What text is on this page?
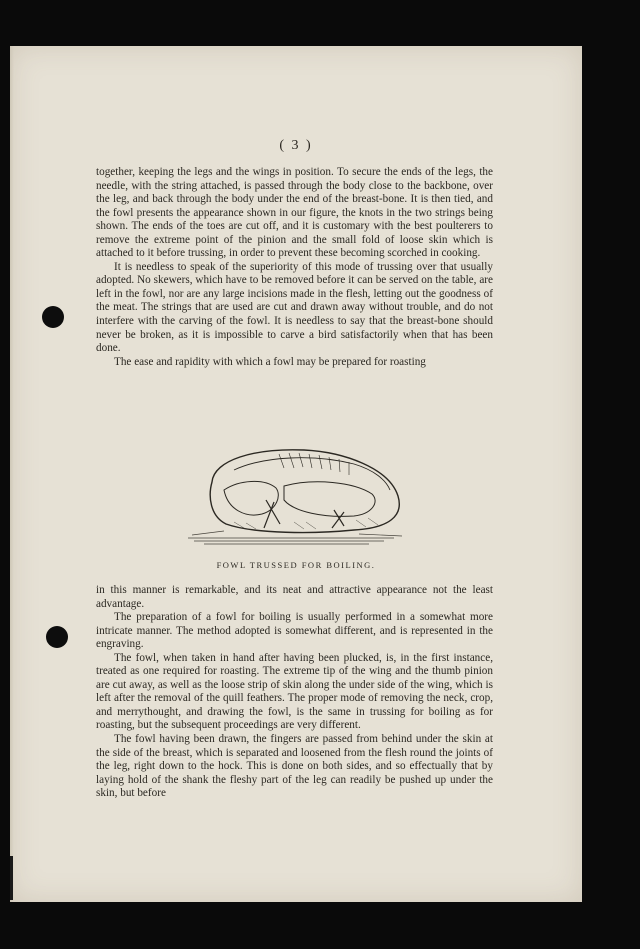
( 3 )

together, keeping the legs and the wings in position. To secure the ends of the legs, the needle, with the string attached, is passed through the body close to the backbone, over the leg, and back through the body under the end of the breast-bone. It is then tied, and the fowl presents the appearance shown in our figure, the knots in the two strings being shown. The ends of the toes are cut off, and it is customary with the best poulterers to remove the extreme point of the pinion and the small fold of loose skin which is attached to it before trussing, in order to prevent these becoming scorched in cooking.

It is needless to speak of the superiority of this mode of trussing over that usually adopted. No skewers, which have to be removed before it can be served on the table, are left in the fowl, nor are any large incisions made in the flesh, letting out the goodness of the meat. The strings that are used are cut and drawn away without trouble, and do not interfere with the carving of the fowl. It is needless to say that the breast-bone should never be broken, as it is impossible to carve a bird satisfactorily when that has been done.

The ease and rapidity with which a fowl may be prepared for roasting

FOWL TRUSSED FOR BOILING.

in this manner is remarkable, and its neat and attractive appearance not the least advantage.

The preparation of a fowl for boiling is usually performed in a somewhat more intricate manner. The method adopted is somewhat different, and is represented in the engraving.

The fowl, when taken in hand after having been plucked, is, in the first instance, treated as one required for roasting. The extreme tip of the wing and the thumb pinion are cut away, as well as the loose strip of skin along the under side of the wing, which is left after the removal of the quill feathers. The proper mode of removing the neck, crop, and merrythought, and drawing the fowl, is the same in trussing for boiling as for roasting, but the subsequent proceedings are very different.

The fowl having been drawn, the fingers are passed from behind under the skin at the side of the breast, which is separated and loosened from the flesh round the joints of the leg, right down to the hock. This is done on both sides, and so effectually that by laying hold of the shank the fleshy part of the leg can readily be pushed up under the skin, but before
